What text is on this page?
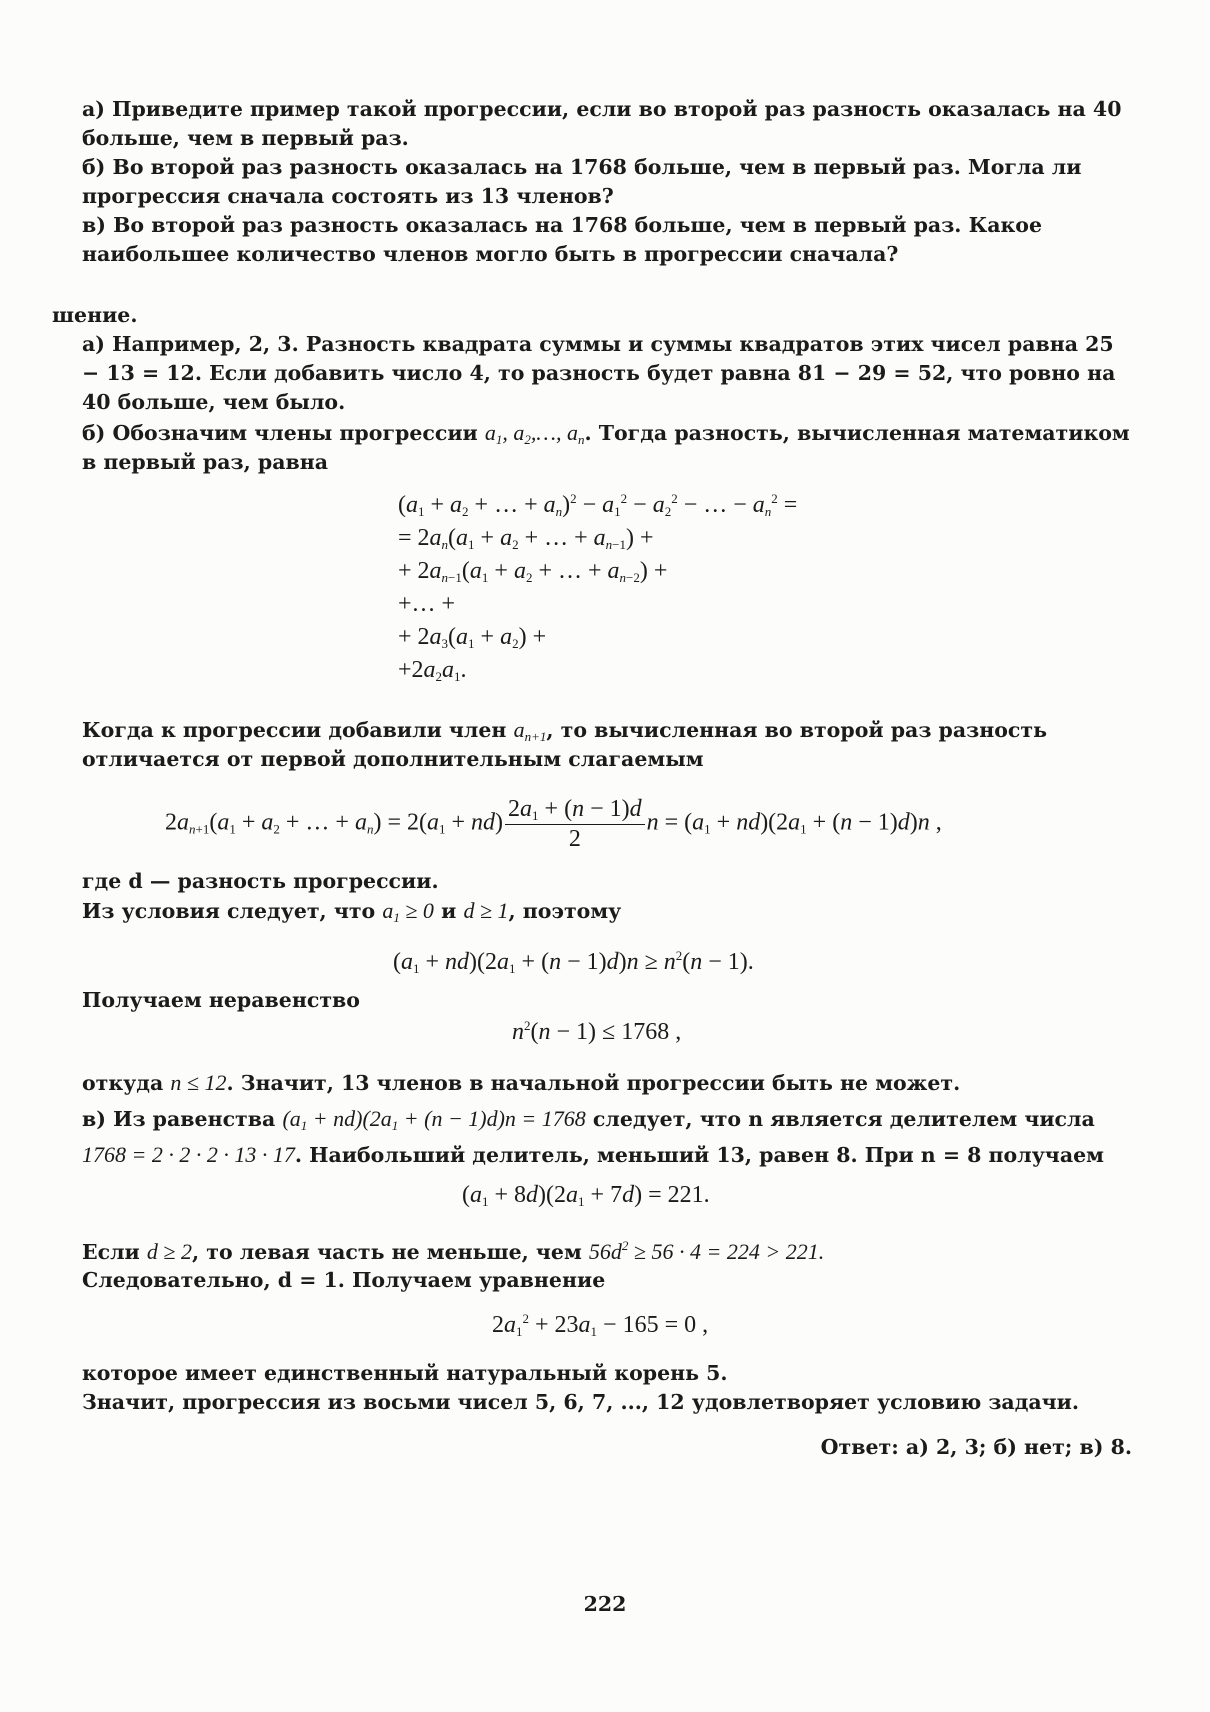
а) Приведите пример такой прогрессии, если во второй раз разность оказалась на 40 больше, чем в первый раз.

б) Во второй раз разность оказалась на 1768 больше, чем в первый раз. Могла ли прогрессия сначала состоять из 13 членов?

в) Во второй раз разность оказалась на 1768 больше, чем в первый раз. Какое наибольшее количество членов могло быть в прогрессии сначала?

шение.

а) Например, 2, 3. Разность квадрата суммы и суммы квадратов этих чисел равна 25 − 13 = 12. Если добавить число 4, то разность будет равна 81 − 29 = 52, что ровно на 40 больше, чем было.

б) Обозначим члены прогрессии $a_1$, $a_2,\dots$, $a_n$. Тогда разность, вычисленная математиком в первый раз, равна

($a_1 + a_2$ + … + $a_n)^2 - a_1^2 - a_2^2$ − … − $a_n^2$ =
= $2a_n(a_1 + a_2$ + … + $a_{n-1}$) +
+ $2a_{n-1}(a_1 + a_2$ + … + $a_{n-2}$) +
+… +
+ $2a_3(a_1 + a_2)$ +
$+2a_2a_1$.

Когда к прогрессии добавили член $a_{n+1}$, то вычисленная во второй раз разность отличается от первой дополнительным слагаемым

$2a_{n+1}(a_1 + a_2$ + … + $a_n) = 2(a_1 + nd) \frac{2a_1 + (n - 1)d}{2}$ $n = (a_1 + nd)(2a_1 + (n - 1)d)n$ ,

где d — разность прогрессии.

Из условия следует, что $a_1 \ge 0$ и d ≥ 1, поэтому

$(a_1 + nd)(2a_1 + (n - 1)d)n \ge n^2(n - 1)$.

Получаем неравенство

$n^2(n - 1) \le 1768$ ,

откуда n ≤ 12. Значит, 13 членов в начальной прогрессии быть не может.

в) Из равенства $(a_1 + nd)(2a_1 + (n - 1)d)n = 1768$ следует, что n является делителем числа 1768 = 2 · 2 · 2 · 13 · 17. Наибольший делитель, меньший 13, равен 8. При n = 8 получаем

$(a_1 + 8d)(2a_1 + 7d) = 221$.

Если d ≥ 2, то левая часть не меньше, чем $56d^2 \ge 56 \cdot 4 = 224 > 221$.

Следовательно, d = 1. Получаем уравнение

$2a_1^2 + 23a_1 - 165 = 0$ ,

которое имеет единственный натуральный корень 5.

Значит, прогрессия из восьми чисел 5, 6, 7, ..., 12 удовлетворяет условию задачи.

Ответ: а) 2, 3; б) нет; в) 8.
222
